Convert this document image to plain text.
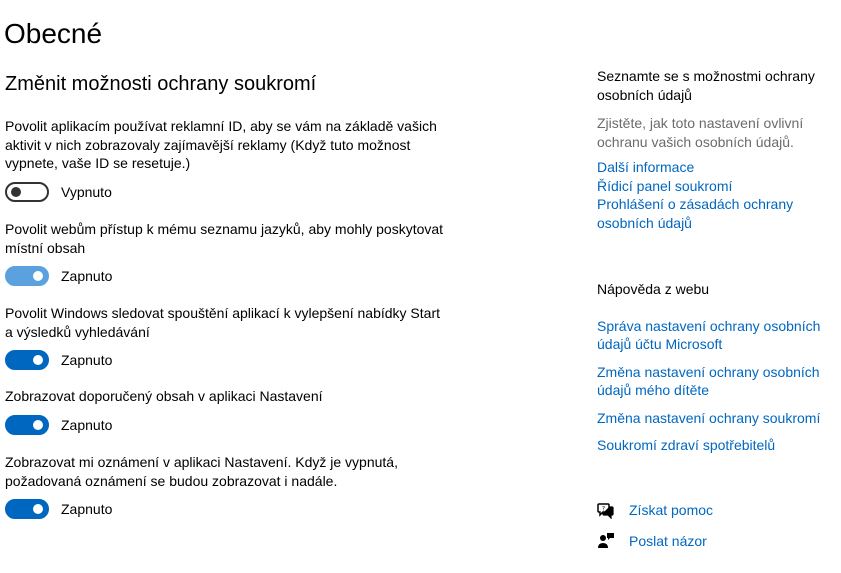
Obecné
Změnit možnosti ochrany soukromí
Povolit aplikacím používat reklamní ID, aby se vám na základě vašich aktivit v nich zobrazovaly zajímavější reklamy (Když tuto možnost vypnete, vaše ID se resetuje.)
Vypnuto
Povolit webům přístup k mému seznamu jazyků, aby mohly poskytovat místní obsah
Zapnuto
Povolit Windows sledovat spouštění aplikací k vylepšení nabídky Start a výsledků vyhledávání
Zapnuto
Zobrazovat doporučený obsah v aplikaci Nastavení
Zapnuto
Zobrazovat mi oznámení v aplikaci Nastavení. Když je vypnutá, požadovaná oznámení se budou zobrazovat i nadále.
Zapnuto
Seznamte se s možnostmi ochrany osobních údajů
Zjistěte, jak toto nastavení ovlivní ochranu vašich osobních údajů.
Další informace
Řídicí panel soukromí
Prohlášení o zásadách ochrany osobních údajů
Nápověda z webu
Správa nastavení ochrany osobních údajů účtu Microsoft
Změna nastavení ochrany osobních údajů mého dítěte
Změna nastavení ochrany soukromí
Soukromí zdraví spotřebitelů
? Získat pomoc
Poslat názor
